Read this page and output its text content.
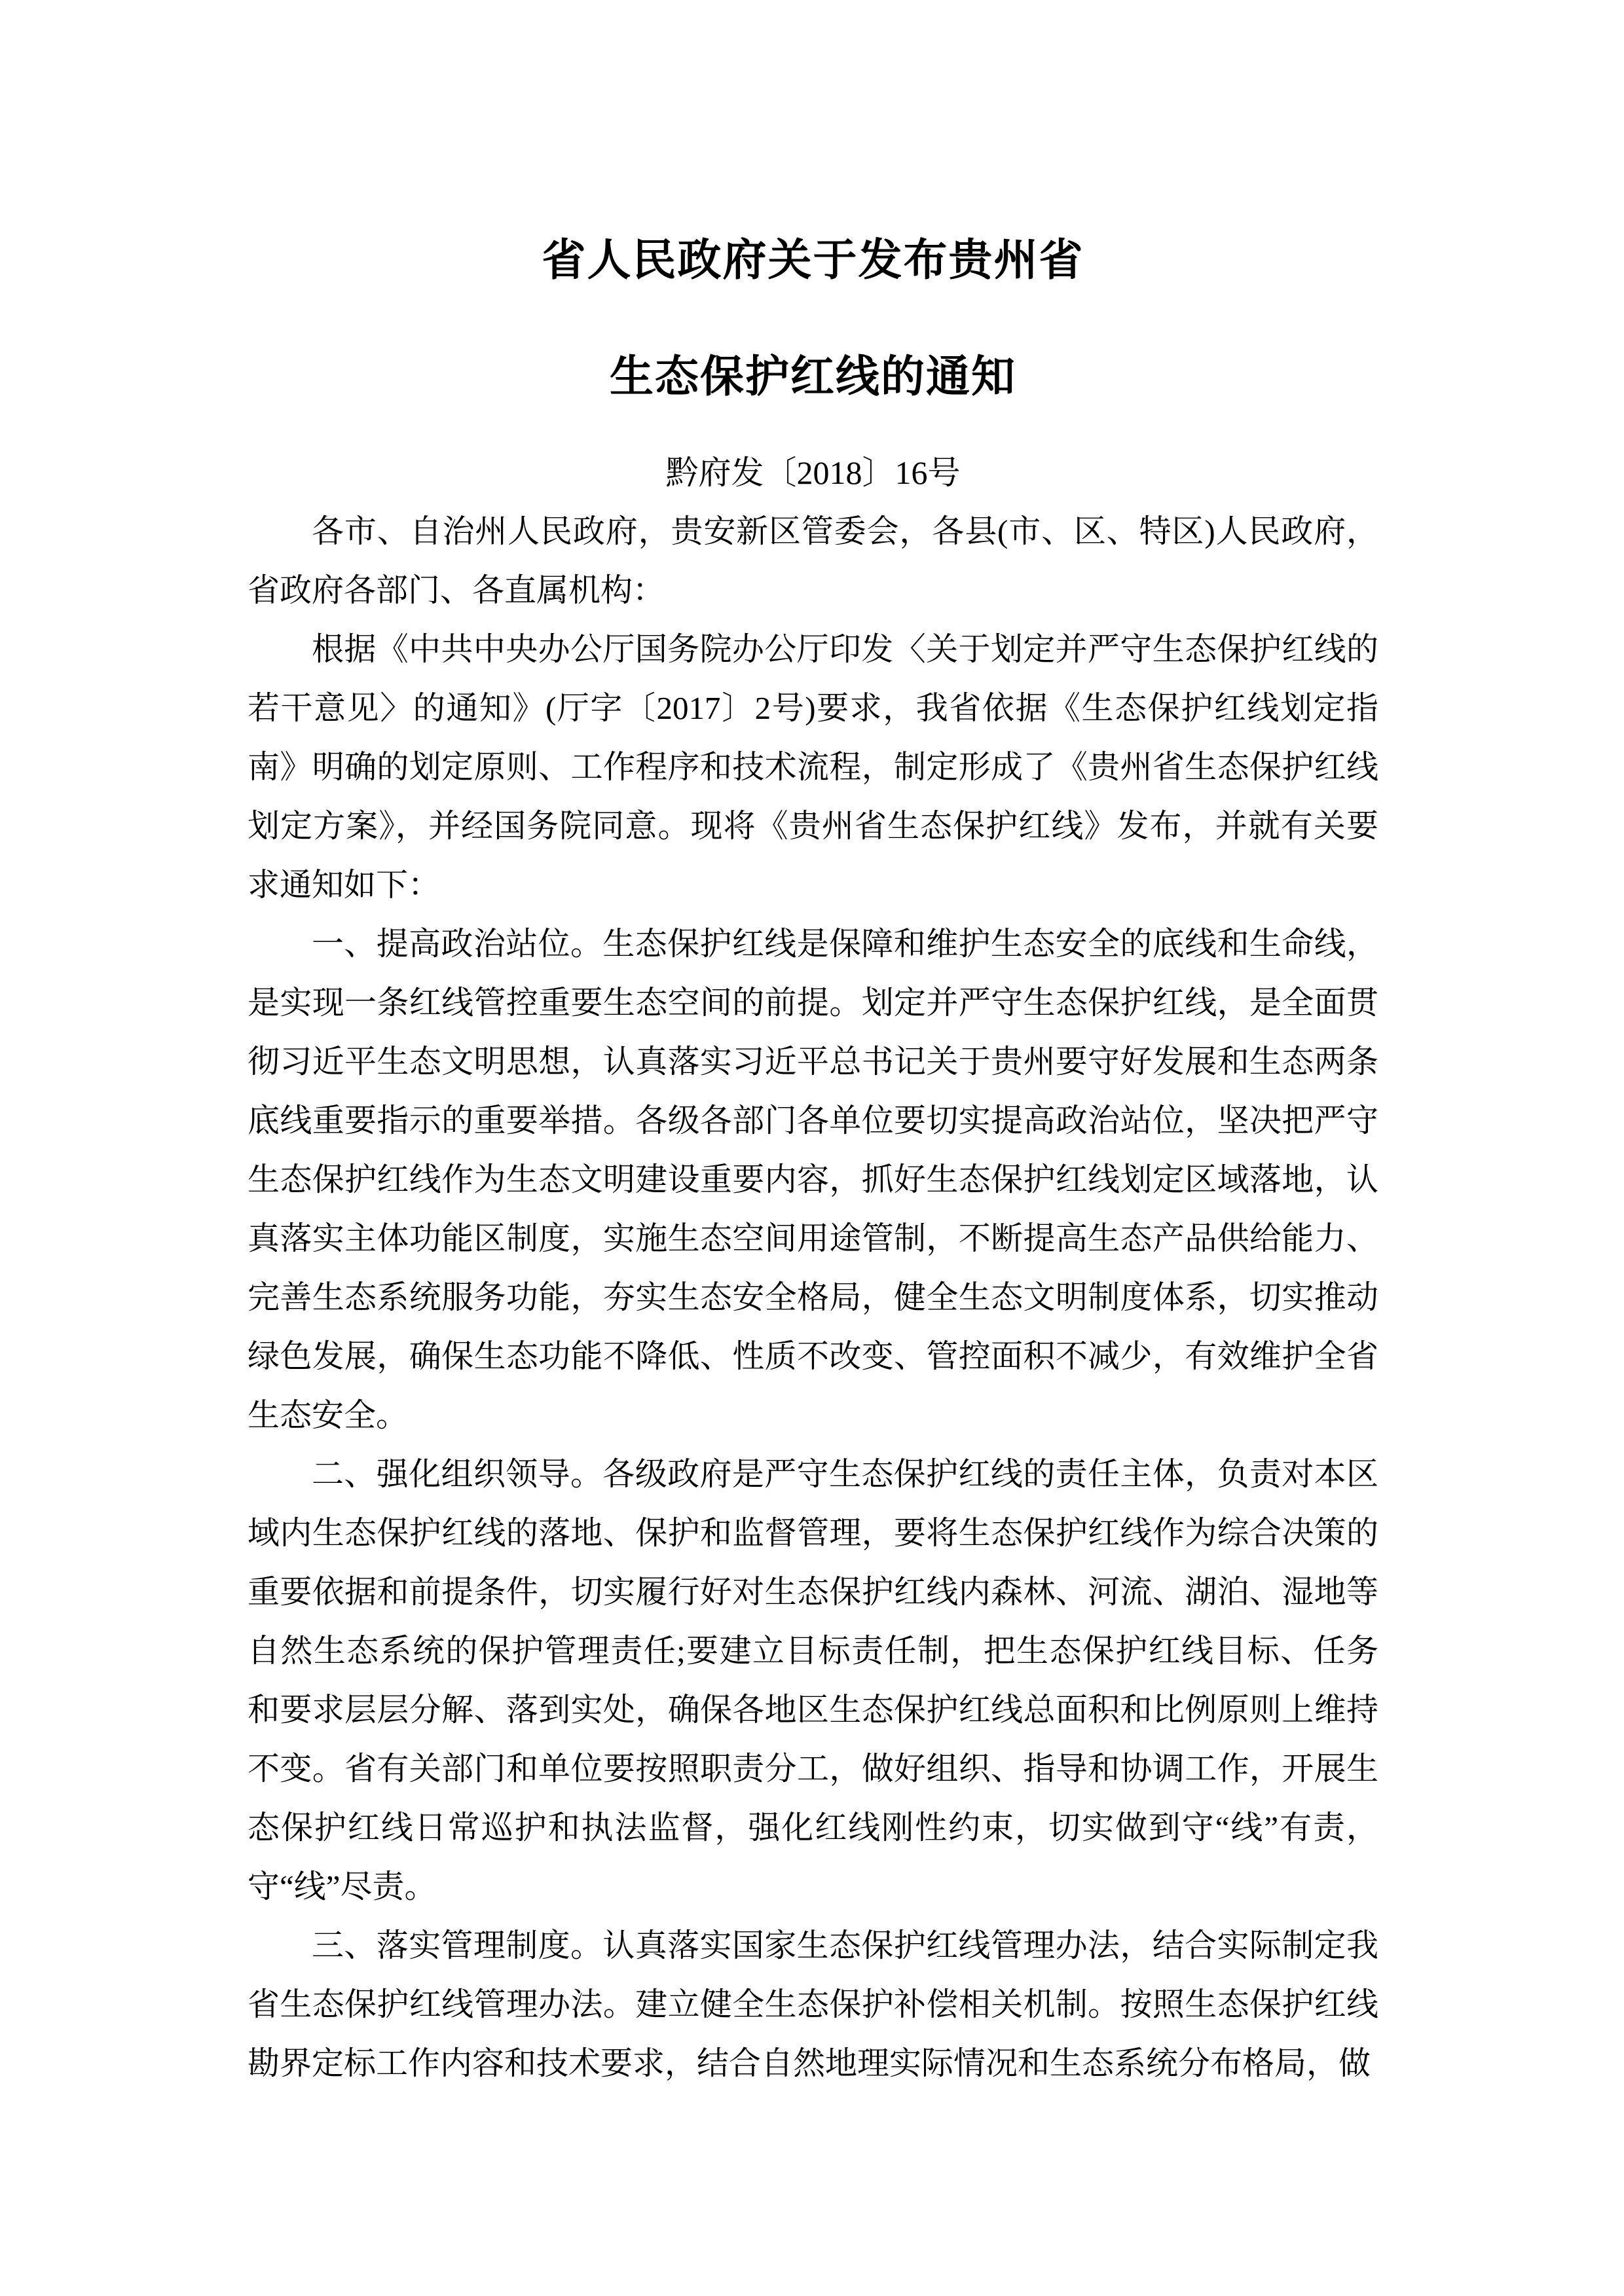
省人民政府关于发布贵州省
生态保护红线的通知
黔府发〔2018〕16号

各市、自治州人民政府，贵安新区管委会，各县(市、区、特区)人民政府，省政府各部门、各直属机构：

根据《中共中央办公厅国务院办公厅印发〈关于划定并严守生态保护红线的若干意见〉的通知》(厅字〔2017〕2号)要求，我省依据《生态保护红线划定指南》明确的划定原则、工作程序和技术流程，制定形成了《贵州省生态保护红线划定方案》，并经国务院同意。现将《贵州省生态保护红线》发布，并就有关要求通知如下：

一、提高政治站位。生态保护红线是保障和维护生态安全的底线和生命线，是实现一条红线管控重要生态空间的前提。划定并严守生态保护红线，是全面贯彻习近平生态文明思想，认真落实习近平总书记关于贵州要守好发展和生态两条底线重要指示的重要举措。各级各部门各单位要切实提高政治站位，坚决把严守生态保护红线作为生态文明建设重要内容，抓好生态保护红线划定区域落地，认真落实主体功能区制度，实施生态空间用途管制，不断提高生态产品供给能力、完善生态系统服务功能，夯实生态安全格局，健全生态文明制度体系，切实推动绿色发展，确保生态功能不降低、性质不改变、管控面积不减少，有效维护全省生态安全。

二、强化组织领导。各级政府是严守生态保护红线的责任主体，负责对本区域内生态保护红线的落地、保护和监督管理，要将生态保护红线作为综合决策的重要依据和前提条件，切实履行好对生态保护红线内森林、河流、湖泊、湿地等自然生态系统的保护管理责任;要建立目标责任制，把生态保护红线目标、任务和要求层层分解、落到实处，确保各地区生态保护红线总面积和比例原则上维持不变。省有关部门和单位要按照职责分工，做好组织、指导和协调工作，开展生态保护红线日常巡护和执法监督，强化红线刚性约束，切实做到守“线”有责，守“线”尽责。

三、落实管理制度。认真落实国家生态保护红线管理办法，结合实际制定我省生态保护红线管理办法。建立健全生态保护补偿相关机制。按照生态保护红线勘界定标工作内容和技术要求，结合自然地理实际情况和生态系统分布格局，做
